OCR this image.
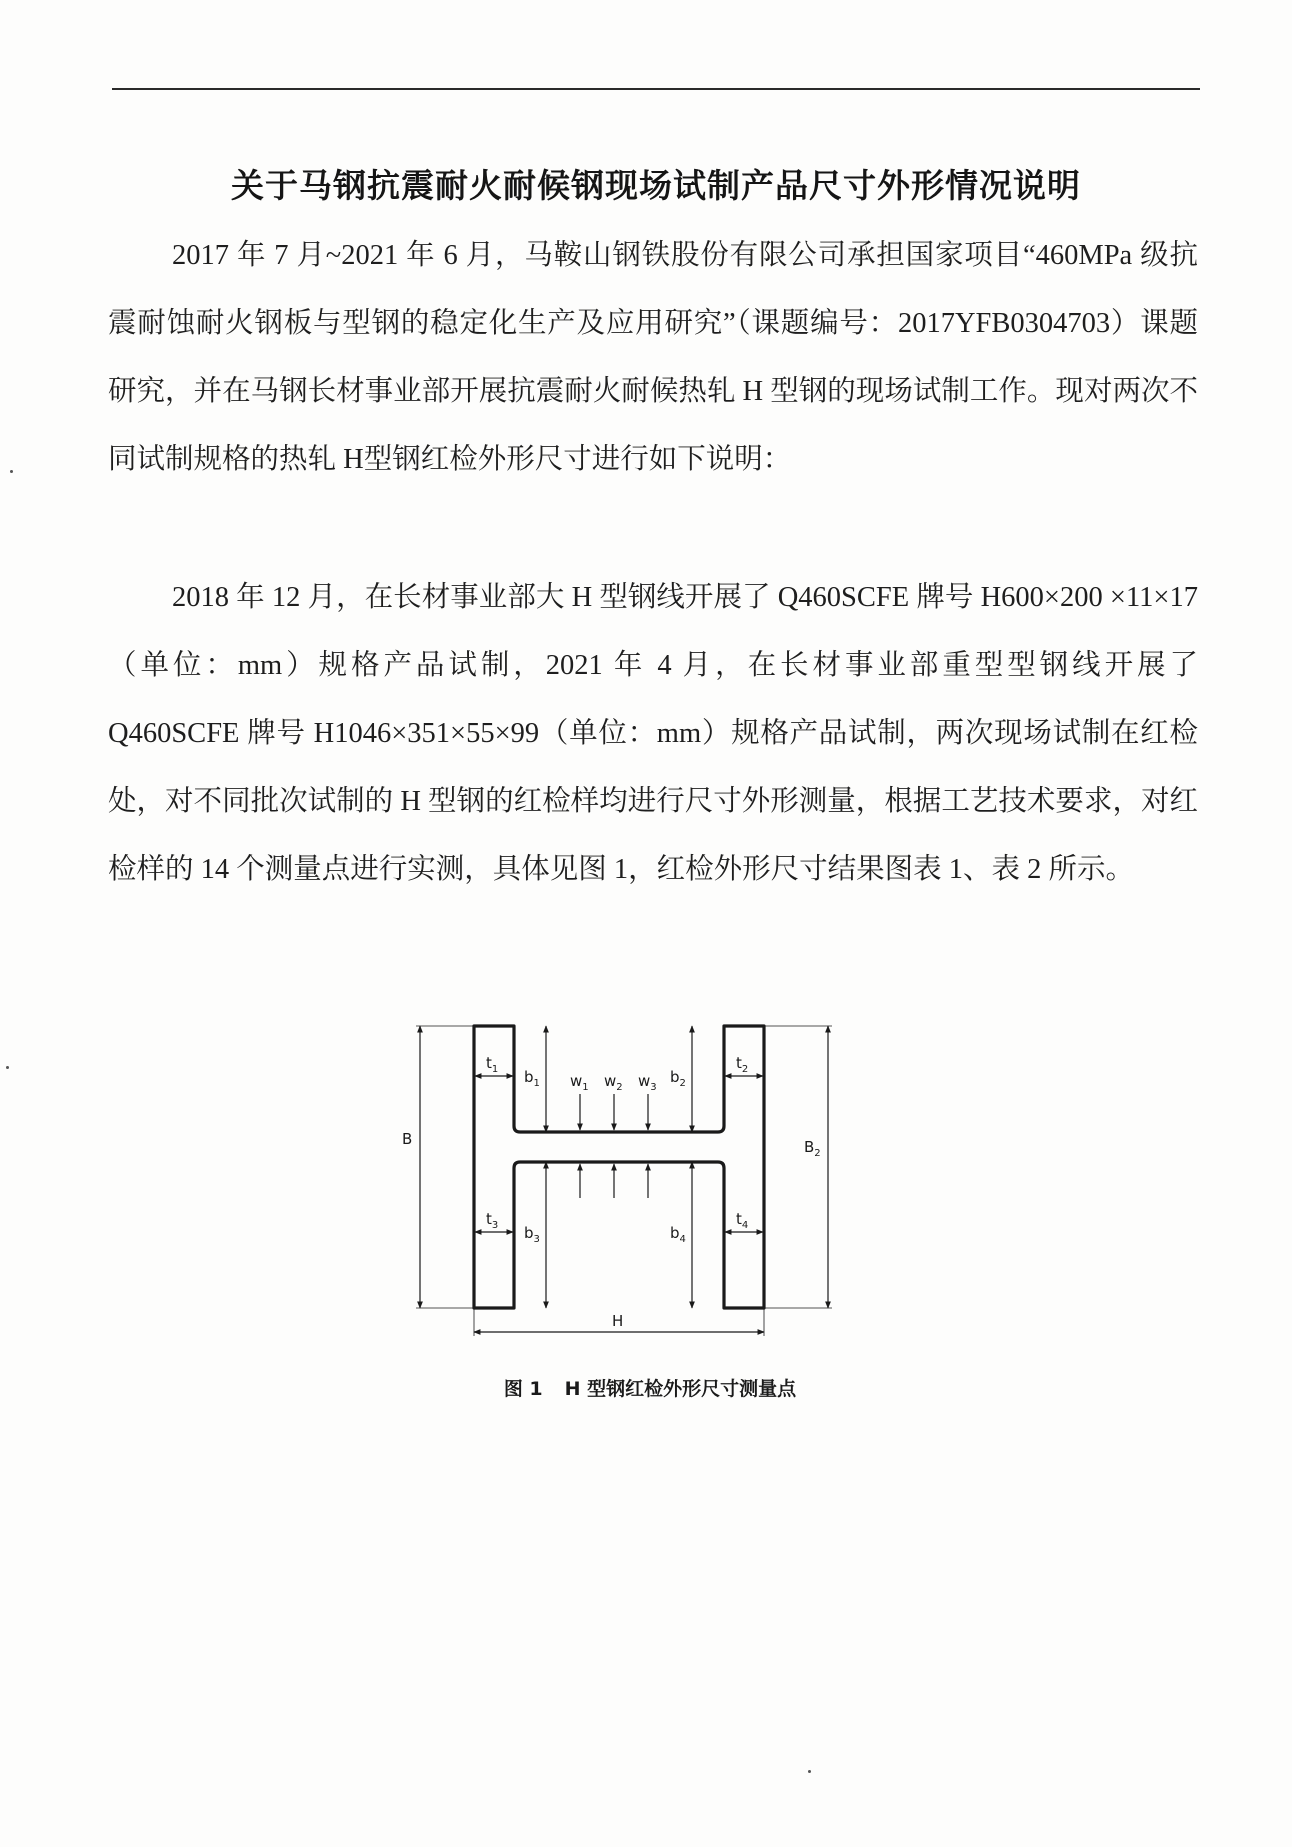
关于马钢抗震耐火耐候钢现场试制产品尺寸外形情况说明
2017 年 7 月~2021 年 6 月，马鞍山钢铁股份有限公司承担国家项目“460MPa 级抗震耐蚀耐火钢板与型钢的稳定化生产及应用研究”（课题编号：2017YFB0304703）课题研究，并在马钢长材事业部开展抗震耐火耐候热轧 H 型钢的现场试制工作。现对两次不同试制规格的热轧 H型钢红检外形尺寸进行如下说明：
2018 年 12 月，在长材事业部大 H 型钢线开展了 Q460SCFE 牌号 H600×200 ×11×17（单位：mm）规格产品试制，2021 年 4 月，在长材事业部重型型钢线开展了 Q460SCFE 牌号 H1046×351×55×99（单位：mm）规格产品试制，两次现场试制在红检处，对不同批次试制的 H 型钢的红检样均进行尺寸外形测量，根据工艺技术要求，对红检样的 14 个测量点进行实测，具体见图 1，红检外形尺寸结果图表 1、表 2 所示。
B	$B_2$
H
$t_1$	$t_2$
$t_3$	$t_4$
$b_1$	$b_2$
$b_3$	$b_4$
$w_1$ $w_2$ $w_3$
图 1 H 型钢红检外形尺寸测量点
